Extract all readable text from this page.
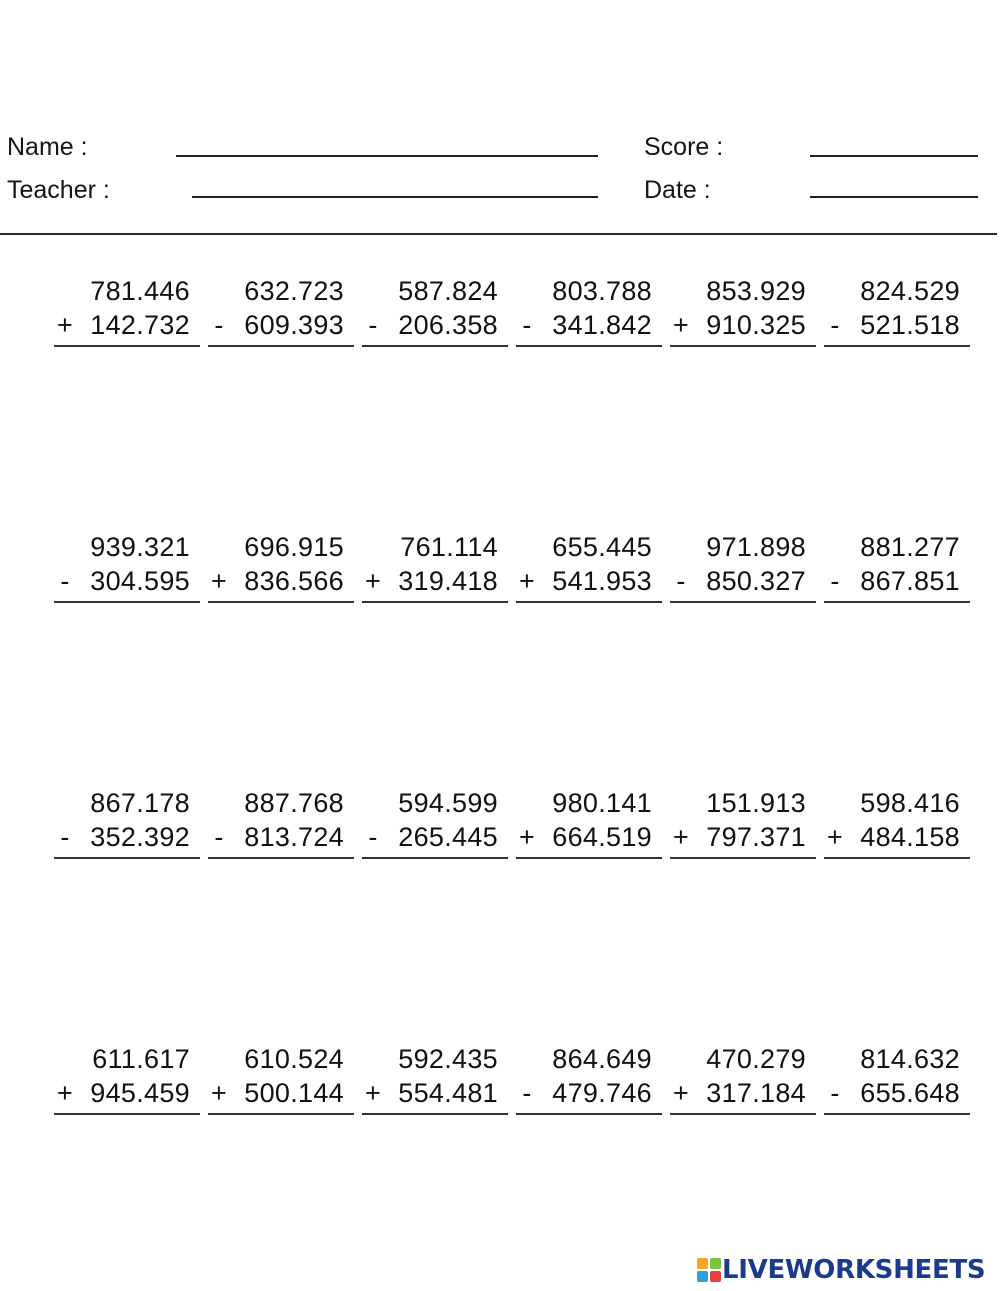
Name :
Teacher :
Score :
Date :
781.446
+ 142.732
632.723
- 609.393
587.824
- 206.358
803.788
- 341.842
853.929
+ 910.325
824.529
- 521.518
939.321
- 304.595
696.915
+ 836.566
761.114
+ 319.418
655.445
+ 541.953
971.898
- 850.327
881.277
- 867.851
867.178
- 352.392
887.768
- 813.724
594.599
- 265.445
980.141
+ 664.519
151.913
+ 797.371
598.416
+ 484.158
611.617
+ 945.459
610.524
+ 500.144
592.435
+ 554.481
864.649
- 479.746
470.279
+ 317.184
814.632
- 655.648
LIVEWORKSHEETS
